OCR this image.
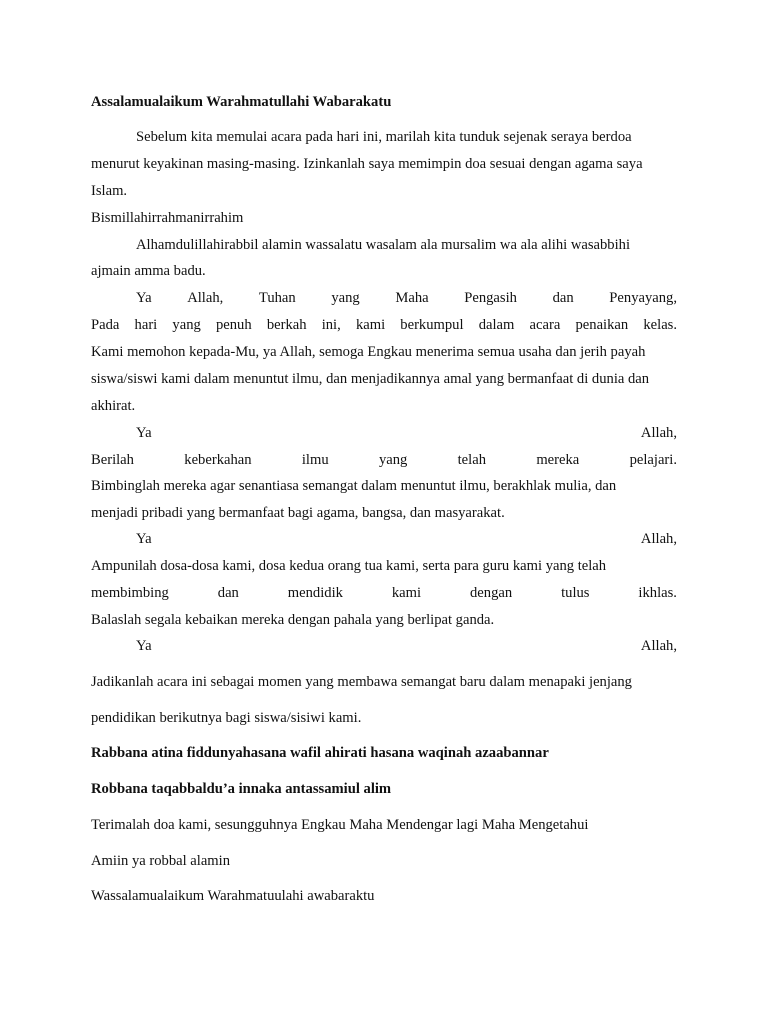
Assalamualaikum Warahmatullahi Wabarakatu
Sebelum kita memulai acara pada hari ini, marilah kita tunduk sejenak seraya berdoa
menurut keyakinan masing-masing. Izinkanlah saya memimpin doa sesuai dengan agama saya
Islam.
Bismillahirrahmanirrahim
Alhamdulillahirabbil alamin wassalatu wasalam ala mursalim wa ala alihi wasabbihi
ajmain amma badu.
Ya Allah, Tuhan yang Maha Pengasih dan Penyayang,
Pada hari yang penuh berkah ini, kami berkumpul dalam acara penaikan kelas.
Kami memohon kepada-Mu, ya Allah, semoga Engkau menerima semua usaha dan jerih payah
siswa/siswi kami dalam menuntut ilmu, dan menjadikannya amal yang bermanfaat di dunia dan
akhirat.
Ya	Allah,
Berilah	keberkahan	ilmu	yang	telah	mereka	pelajari.
Bimbinglah mereka agar senantiasa semangat dalam menuntut ilmu, berakhlak mulia, dan
menjadi pribadi yang bermanfaat bagi agama, bangsa, dan masyarakat.
Ya	Allah,
Ampunilah dosa-dosa kami, dosa kedua orang tua kami, serta para guru kami yang telah
membimbing	dan	mendidik	kami	dengan	tulus	ikhlas.
Balaslah segala kebaikan mereka dengan pahala yang berlipat ganda.
Ya	Allah,
Jadikanlah acara ini sebagai momen yang membawa semangat baru dalam menapaki jenjang
pendidikan berikutnya bagi siswa/sisiwi kami.
Rabbana atina fiddunyahasana wafil ahirati hasana waqinah azaabannar
Robbana taqabbaldu’a innaka antassamiul alim
Terimalah doa kami, sesungguhnya Engkau Maha Mendengar lagi Maha Mengetahui
Amiin ya robbal alamin
Wassalamualaikum Warahmatuulahi awabaraktu
